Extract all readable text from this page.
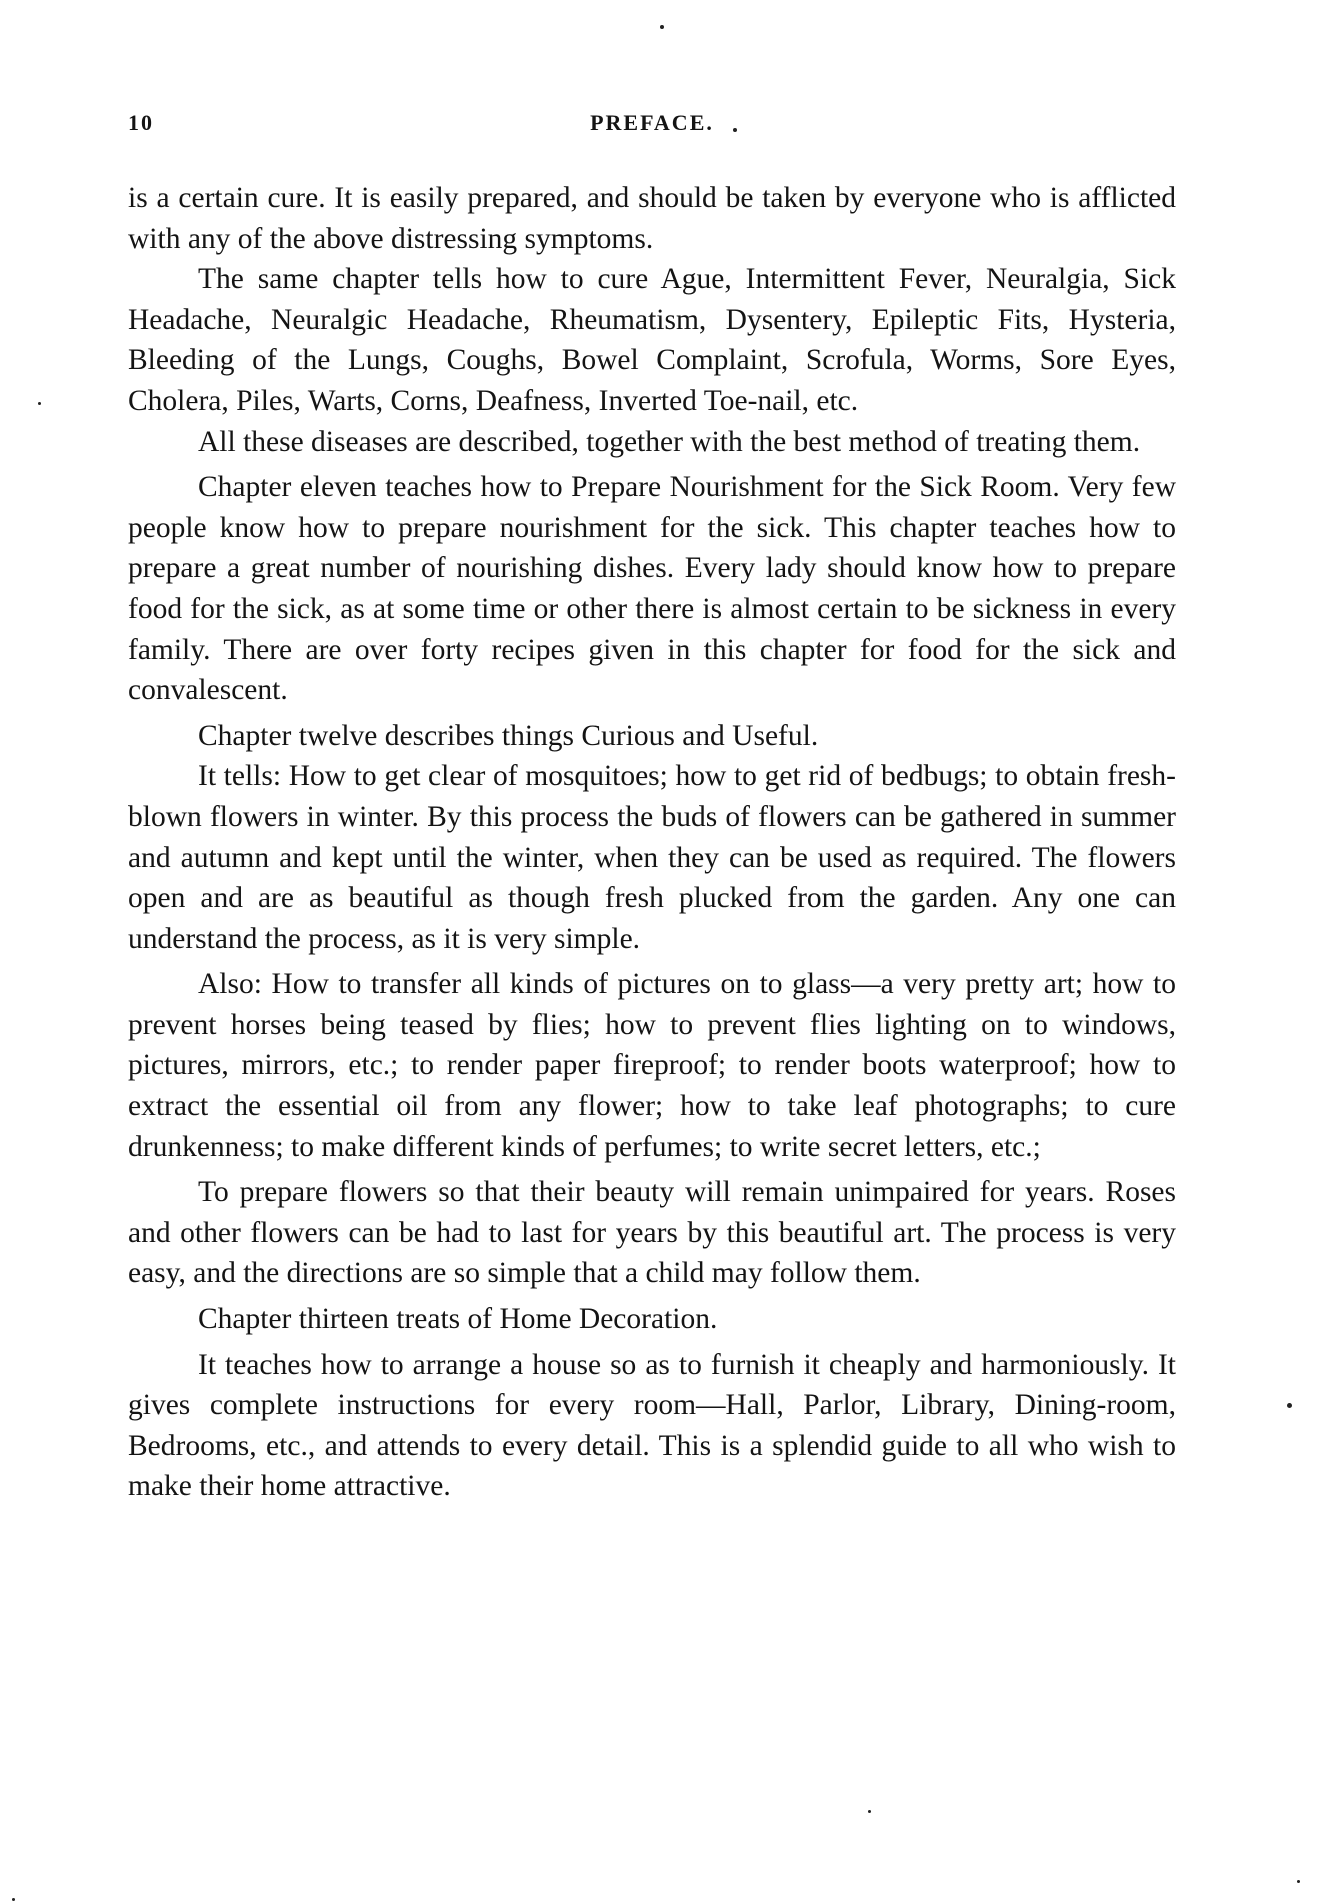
10	PREFACE.

is a certain cure. It is easily prepared, and should be taken by everyone who is afflicted with any of the above distressing symptoms.

The same chapter tells how to cure Ague, Intermittent Fever, Neuralgia, Sick Headache, Neuralgic Headache, Rheumatism, Dysentery, Epileptic Fits, Hysteria, Bleeding of the Lungs, Coughs, Bowel Complaint, Scrofula, Worms, Sore Eyes, Cholera, Piles, Warts, Corns, Deafness, Inverted Toe-nail, etc.

All these diseases are described, together with the best method of treating them.

Chapter eleven teaches how to Prepare Nourishment for the Sick Room. Very few people know how to prepare nourishment for the sick. This chapter teaches how to prepare a great number of nourishing dishes. Every lady should know how to prepare food for the sick, as at some time or other there is almost certain to be sickness in every family. There are over forty recipes given in this chapter for food for the sick and convalescent.

Chapter twelve describes things Curious and Useful.

It tells: How to get clear of mosquitoes; how to get rid of bedbugs; to obtain fresh-blown flowers in winter. By this process the buds of flowers can be gathered in summer and autumn and kept until the winter, when they can be used as required. The flowers open and are as beautiful as though fresh plucked from the garden. Any one can understand the process, as it is very simple.

Also: How to transfer all kinds of pictures on to glass—a very pretty art; how to prevent horses being teased by flies; how to prevent flies lighting on to windows, pictures, mirrors, etc.; to render paper fireproof; to render boots waterproof; how to extract the essential oil from any flower; how to take leaf photographs; to cure drunkenness; to make different kinds of perfumes; to write secret letters, etc.;

To prepare flowers so that their beauty will remain unimpaired for years. Roses and other flowers can be had to last for years by this beautiful art. The process is very easy, and the directions are so simple that a child may follow them.

Chapter thirteen treats of Home Decoration.

It teaches how to arrange a house so as to furnish it cheaply and harmoniously. It gives complete instructions for every room—Hall, Parlor, Library, Dining-room, Bedrooms, etc., and attends to every detail. This is a splendid guide to all who wish to make their home attractive.
